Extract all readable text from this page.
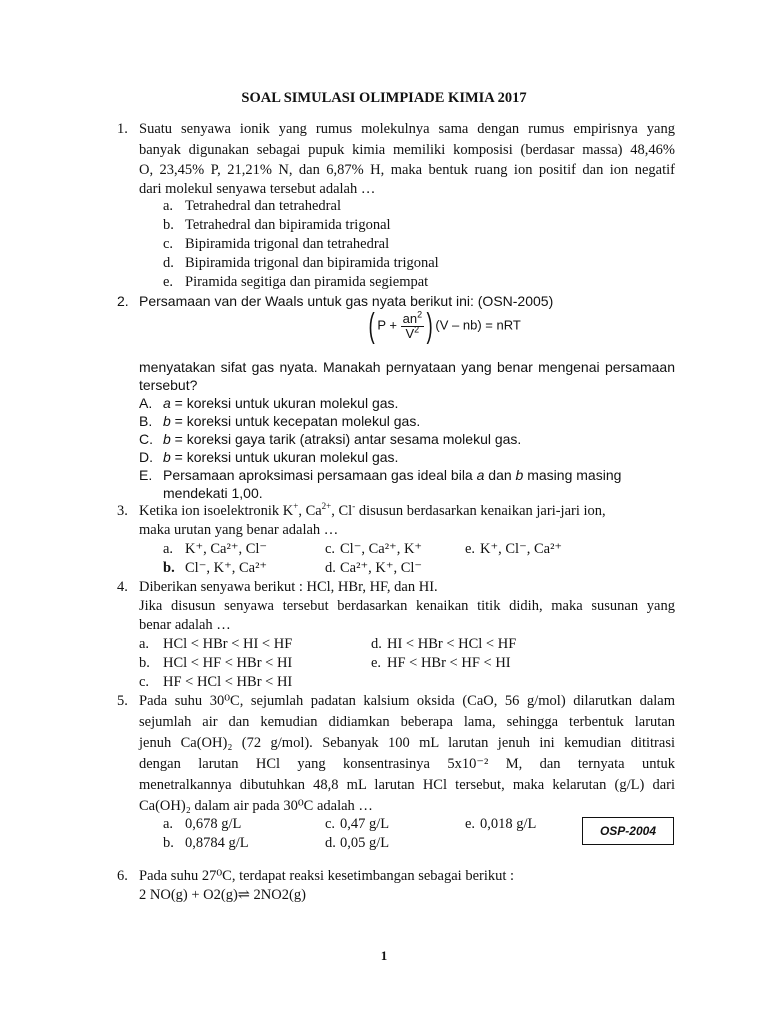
SOAL SIMULASI OLIMPIADE KIMIA 2017
1. Suatu senyawa ionik yang rumus molekulnya sama dengan rumus empirisnya yang
banyak digunakan sebagai pupuk kimia memiliki komposisi (berdasar massa) 48,46%
O, 23,45% P, 21,21% N, dan 6,87% H, maka bentuk ruang ion positif dan ion negatif
dari molekul senyawa tersebut adalah …
a. Tetrahedral dan tetrahedral
b. Tetrahedral dan bipiramida trigonal
c. Bipiramida trigonal dan tetrahedral
d. Bipiramida trigonal dan bipiramida trigonal
e. Piramida segitiga dan piramida segiempat
2. Persamaan van der Waals untuk gas nyata berikut ini: (OSN-2005)
( $P + \frac{an^2}{V^2}$ ) (V – nb) = nRT
menyatakan sifat gas nyata. Manakah pernyataan yang benar mengenai persamaan
tersebut?
A. a = koreksi untuk ukuran molekul gas.
B. b = koreksi untuk kecepatan molekul gas.
C. b = koreksi gaya tarik (atraksi) antar sesama molekul gas.
D. b = koreksi untuk ukuran molekul gas.
E. Persamaan aproksimasi persamaan gas ideal bila a dan b masing masing
mendekati 1,00.
3. Ketika ion isoelektronik K+, $Ca^{2+}$, Cl- disusun berdasarkan kenaikan jari-jari ion,
maka urutan yang benar adalah …
a. K⁺, Ca²⁺, Cl⁻	c. Cl⁻, Ca²⁺, K⁺	e. K⁺, Cl⁻, Ca²⁺
b. Cl⁻, K⁺, Ca²⁺	d. Ca²⁺, K⁺, Cl⁻
4. Diberikan senyawa berikut : HCl, HBr, HF, dan HI.
Jika disusun senyawa tersebut berdasarkan kenaikan titik didih, maka susunan yang
benar adalah …
a. HCl < HBr < HI < HF	d. HI < HBr < HCl < HF
b. HCl < HF < HBr < HI	e. HF < HBr < HF < HI
c. HF < HCl < HBr < HI
5. Pada suhu 30⁰C, sejumlah padatan kalsium oksida (CaO, 56 g/mol) dilarutkan dalam
sejumlah air dan kemudian didiamkan beberapa lama, sehingga terbentuk larutan
jenuh Ca(OH)₂ (72 g/mol). Sebanyak 100 mL larutan jenuh ini kemudian dititrasi
dengan larutan HCl yang konsentrasinya 5x10⁻² M, dan ternyata untuk
menetralkannya dibutuhkan 48,8 mL larutan HCl tersebut, maka kelarutan (g/L) dari
Ca(OH)₂ dalam air pada 30⁰C adalah …
a. 0,678 g/L	c. 0,47 g/L	e. 0,018 g/L
b. 0,8784 g/L	d. 0,05 g/L
OSP-2004
6. Pada suhu 27⁰C, terdapat reaksi kesetimbangan sebagai berikut :
2 NO(g) + O2(g)⇌ 2NO2(g)
1
